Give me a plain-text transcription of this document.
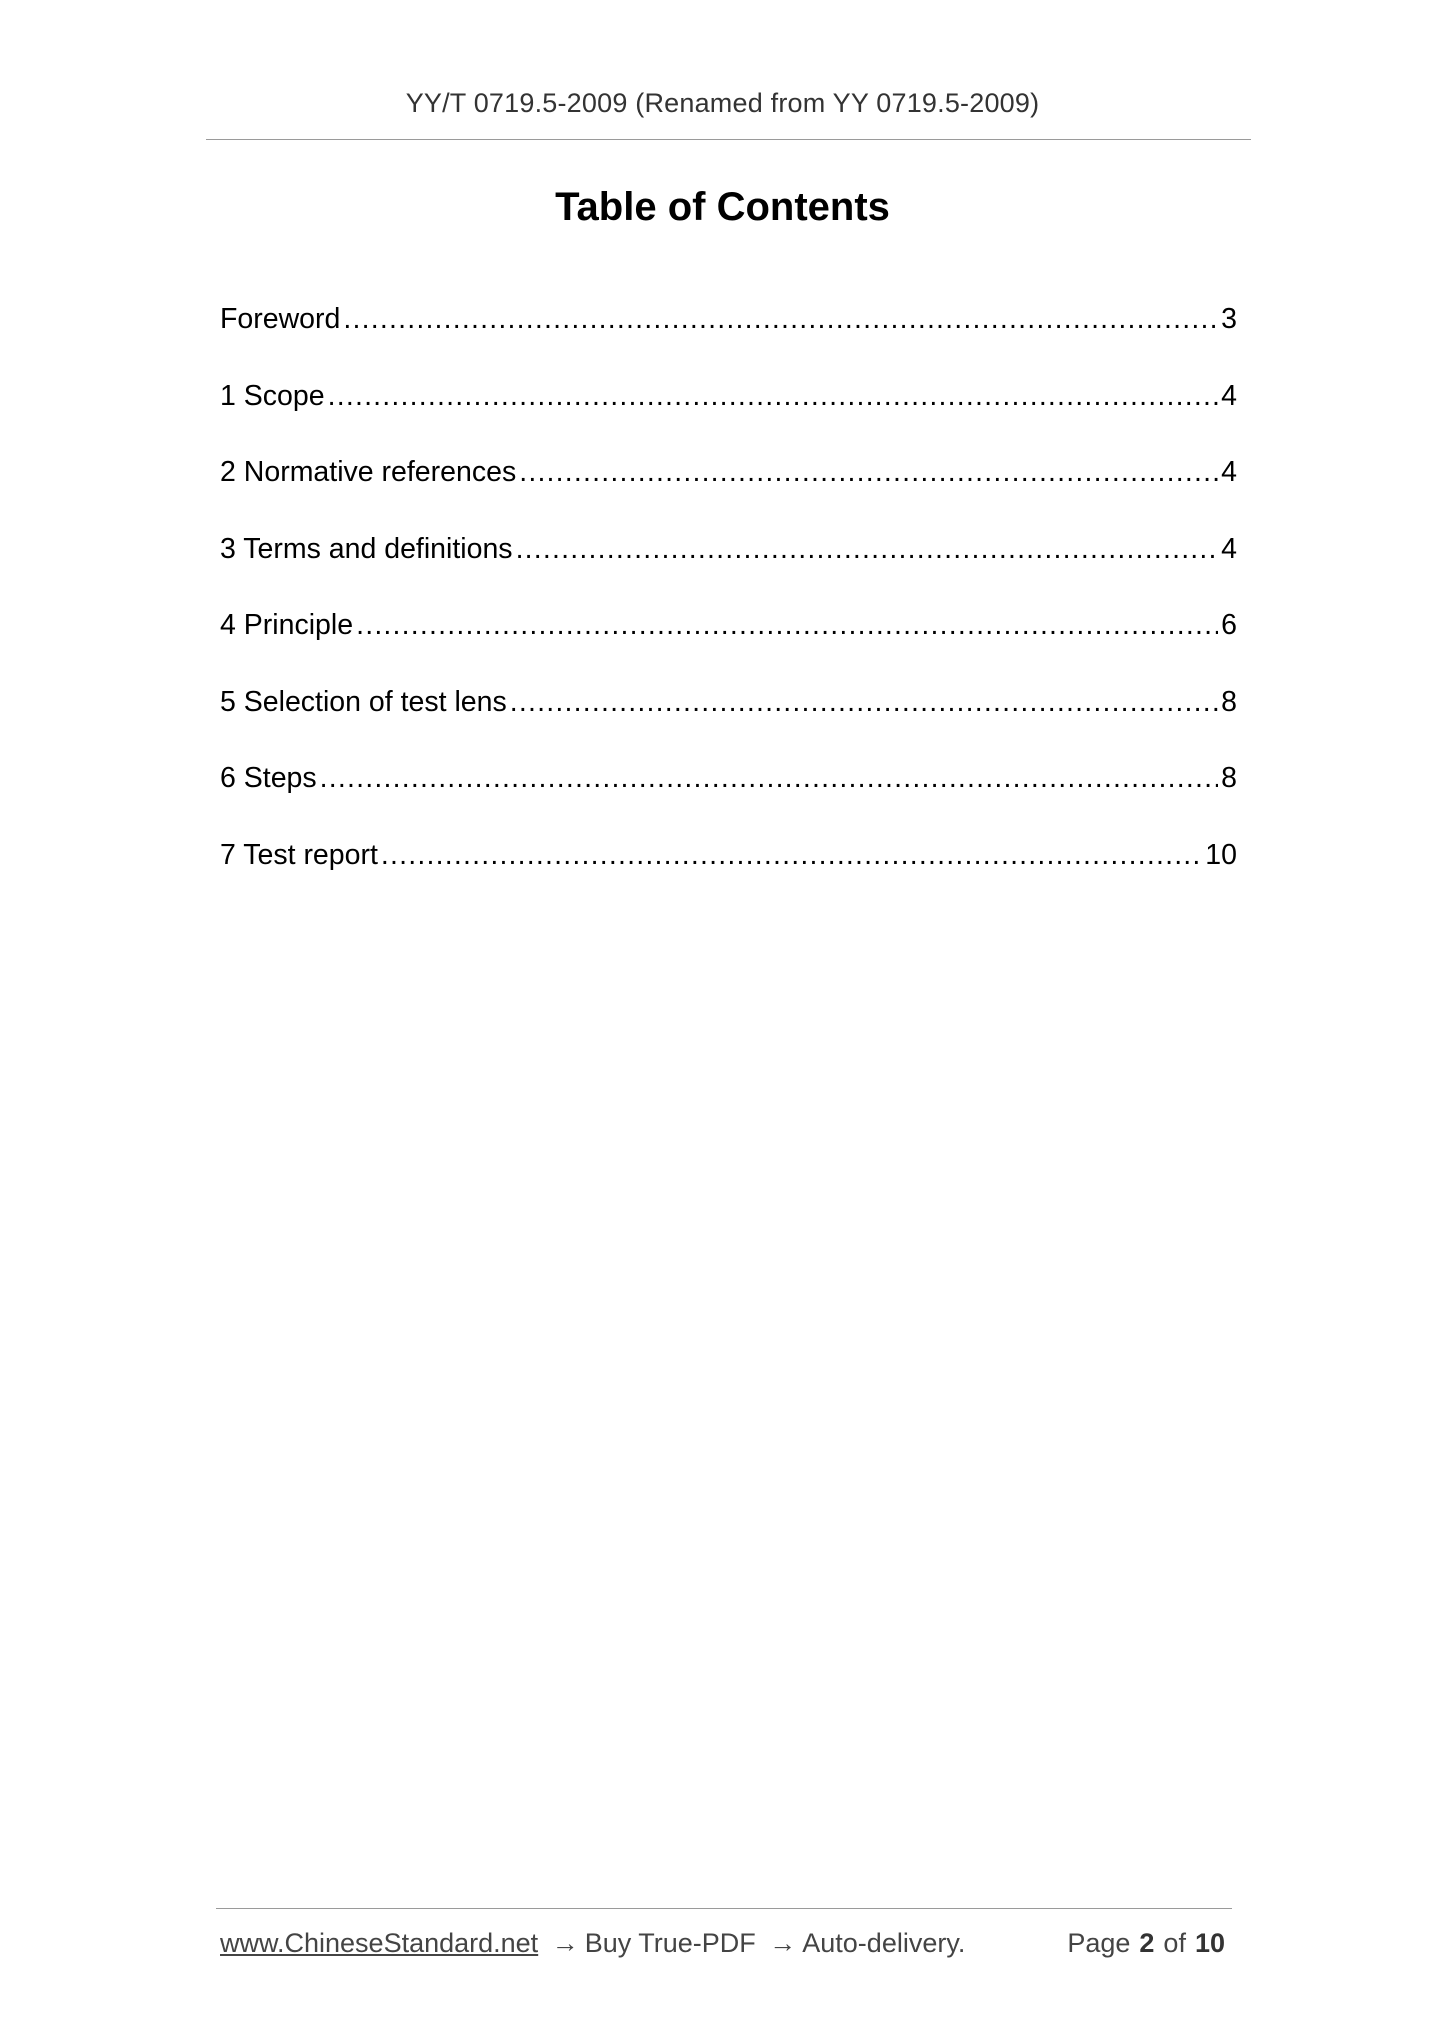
YY/T 0719.5-2009 (Renamed from YY 0719.5-2009)
Table of Contents
Foreword .....	3
1 Scope .....	4
2 Normative references .....	4
3 Terms and definitions .....	4
4 Principle .....	6
5 Selection of test lens .....	8
6 Steps .....	8
7 Test report .....	10
www.ChineseStandard.net → Buy True-PDF → Auto-delivery.	Page 2 of 10
